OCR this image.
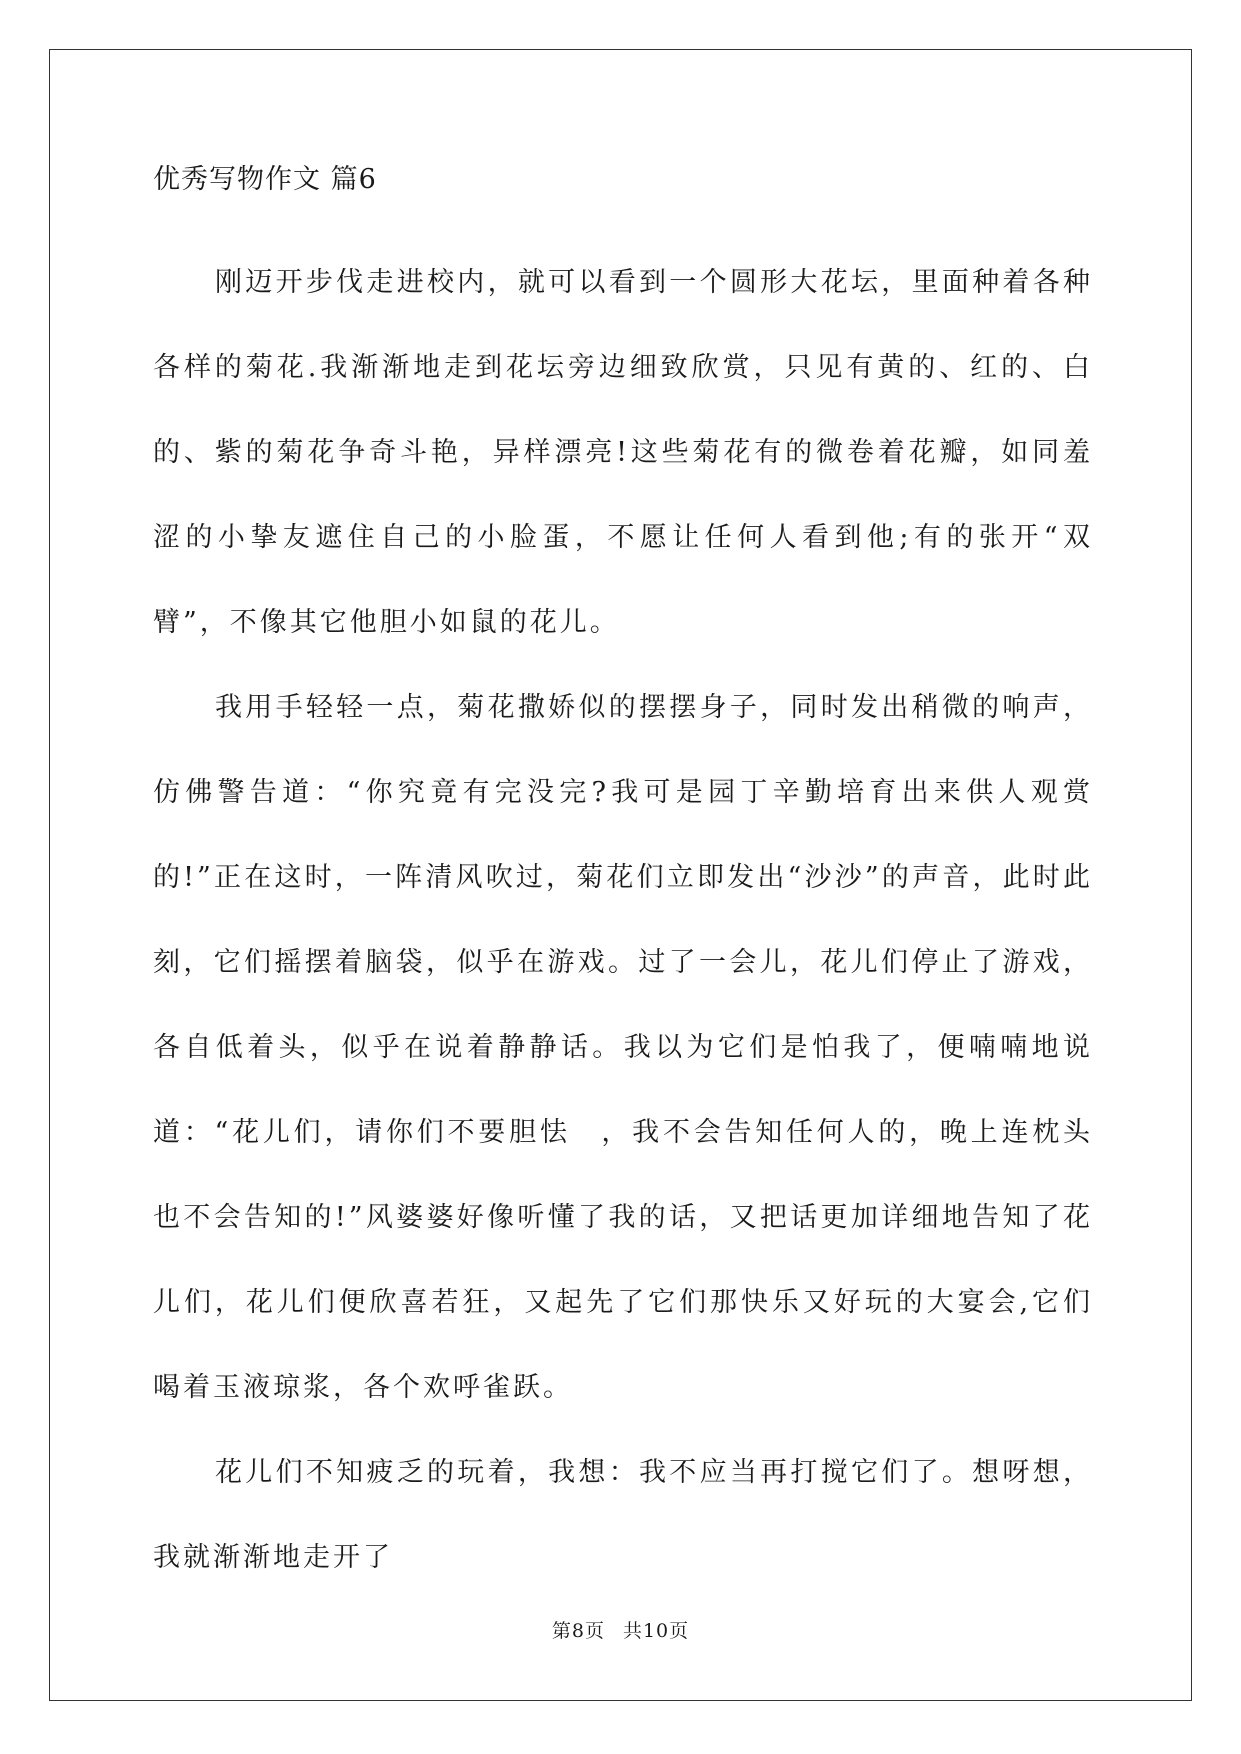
优秀写物作文 篇6

刚迈开步伐走进校内，就可以看到一个圆形大花坛，里面种着各种各样的菊花.我渐渐地走到花坛旁边细致欣赏，只见有黄的、红的、白的、紫的菊花争奇斗艳，异样漂亮!这些菊花有的微卷着花瓣，如同羞涩的小挚友遮住自己的小脸蛋，不愿让任何人看到他;有的张开“双臂”，不像其它他胆小如鼠的花儿。

我用手轻轻一点，菊花撒娇似的摆摆身子，同时发出稍微的响声，仿佛警告道：“你究竟有完没完?我可是园丁辛勤培育出来供人观赏的!”正在这时，一阵清风吹过，菊花们立即发出“沙沙”的声音，此时此刻，它们摇摆着脑袋，似乎在游戏。过了一会儿，花儿们停止了游戏，各自低着头，似乎在说着静静话。我以为它们是怕我了，便喃喃地说道：“花儿们，请你们不要胆怯　，我不会告知任何人的，晚上连枕头也不会告知的!”风婆婆好像听懂了我的话，又把话更加详细地告知了花儿们，花儿们便欣喜若狂，又起先了它们那快乐又好玩的大宴会,它们喝着玉液琼浆，各个欢呼雀跃。

花儿们不知疲乏的玩着，我想：我不应当再打搅它们了。想呀想，我就渐渐地走开了

第8页 共10页
